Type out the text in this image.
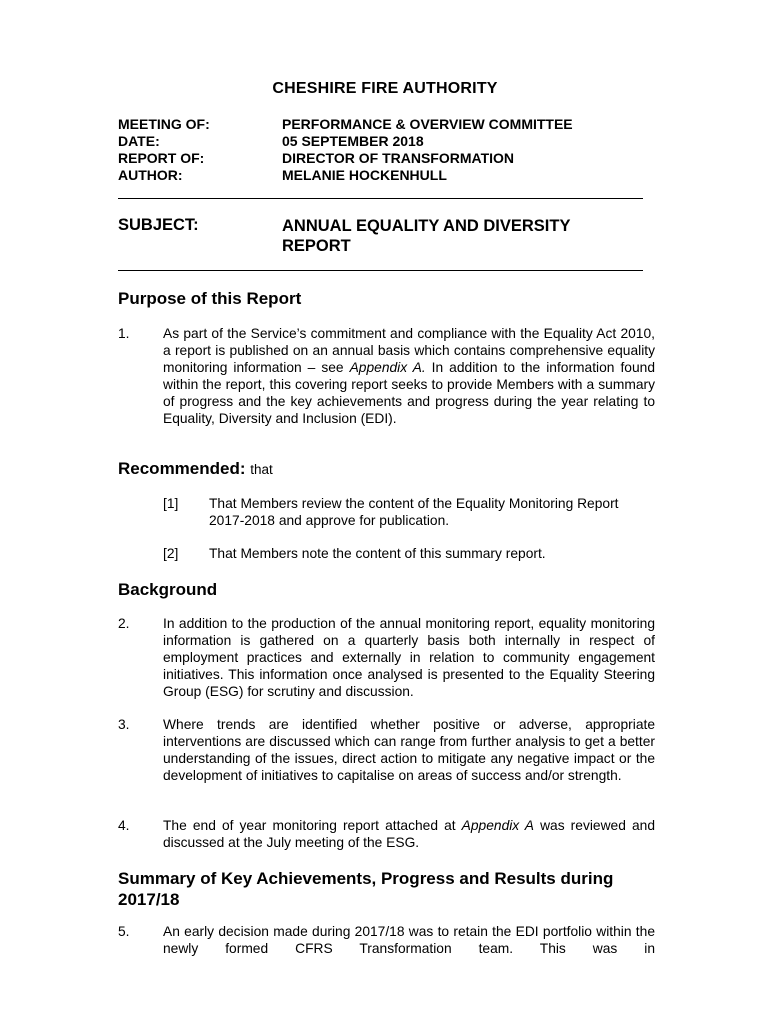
CHESHIRE FIRE AUTHORITY
MEETING OF:	PERFORMANCE & OVERVIEW COMMITTEE
DATE:	05 SEPTEMBER 2018
REPORT OF:	DIRECTOR OF TRANSFORMATION
AUTHOR:	MELANIE HOCKENHULL
SUBJECT:	ANNUAL EQUALITY AND DIVERSITY REPORT
Purpose of this Report
1.	As part of the Service’s commitment and compliance with the Equality Act 2010, a report is published on an annual basis which contains comprehensive equality monitoring information – see Appendix A. In addition to the information found within the report, this covering report seeks to provide Members with a summary of progress and the key achievements and progress during the year relating to Equality, Diversity and Inclusion (EDI).
Recommended: that
[1]	That Members review the content of the Equality Monitoring Report 2017-2018 and approve for publication.
[2]	That Members note the content of this summary report.
Background
2.	In addition to the production of the annual monitoring report, equality monitoring information is gathered on a quarterly basis both internally in respect of employment practices and externally in relation to community engagement initiatives. This information once analysed is presented to the Equality Steering Group (ESG) for scrutiny and discussion.
3.	Where trends are identified whether positive or adverse, appropriate interventions are discussed which can range from further analysis to get a better understanding of the issues, direct action to mitigate any negative impact or the development of initiatives to capitalise on areas of success and/or strength.
4.	The end of year monitoring report attached at Appendix A was reviewed and discussed at the July meeting of the ESG.
Summary of Key Achievements, Progress and Results during 2017/18
5.	An early decision made during 2017/18 was to retain the EDI portfolio within the newly formed CFRS Transformation team. This was in
